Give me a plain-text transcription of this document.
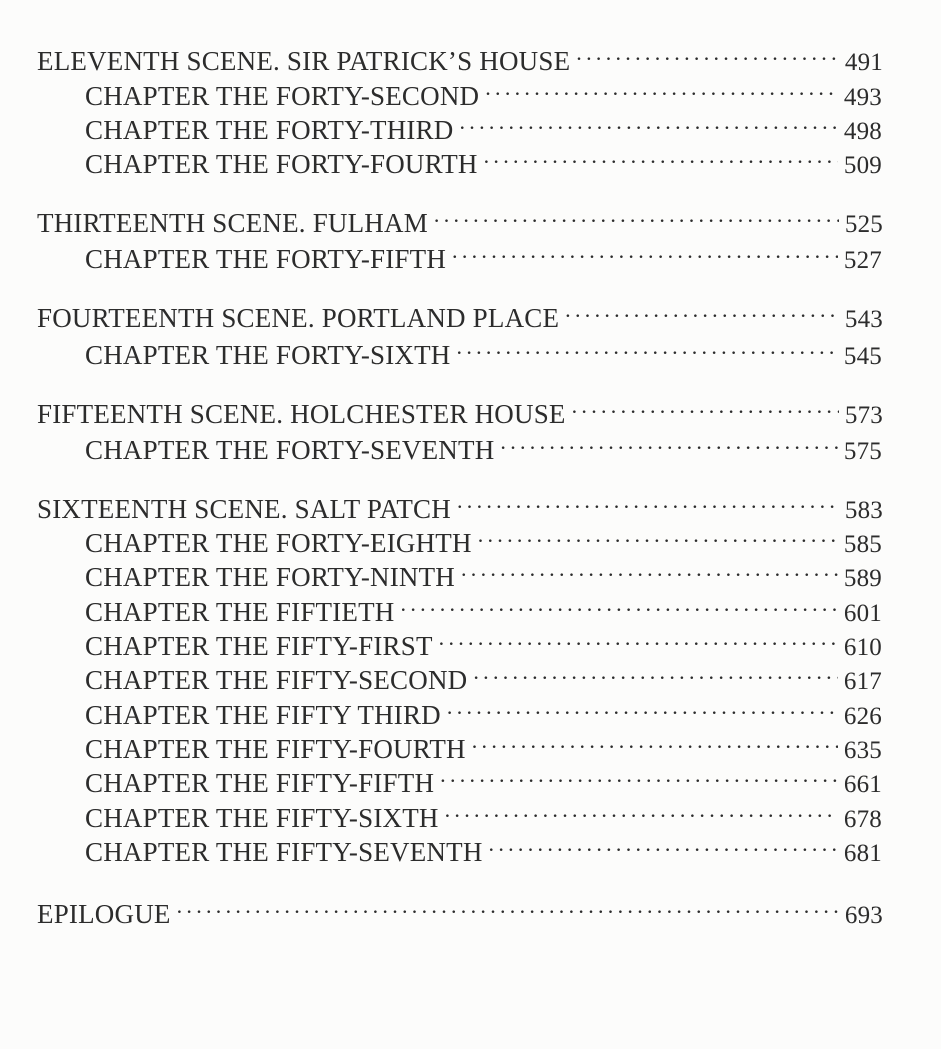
ELEVENTH SCENE. SIR PATRICK’S HOUSE . . .	491
CHAPTER THE FORTY-SECOND . . .	493
CHAPTER THE FORTY-THIRD . . .	498
CHAPTER THE FORTY-FOURTH . . .	509
THIRTEENTH SCENE. FULHAM . . .	525
CHAPTER THE FORTY-FIFTH . . .	527
FOURTEENTH SCENE. PORTLAND PLACE . . .	543
CHAPTER THE FORTY-SIXTH . . .	545
FIFTEENTH SCENE. HOLCHESTER HOUSE . . .	573
CHAPTER THE FORTY-SEVENTH . . .	575
SIXTEENTH SCENE. SALT PATCH . . .	583
CHAPTER THE FORTY-EIGHTH . . .	585
CHAPTER THE FORTY-NINTH . . .	589
CHAPTER THE FIFTIETH . . .	601
CHAPTER THE FIFTY-FIRST . . .	610
CHAPTER THE FIFTY-SECOND . . .	617
CHAPTER THE FIFTY THIRD . . .	626
CHAPTER THE FIFTY-FOURTH . . .	635
CHAPTER THE FIFTY-FIFTH . . .	661
CHAPTER THE FIFTY-SIXTH . . .	678
CHAPTER THE FIFTY-SEVENTH . . .	681
EPILOGUE . . .	693
